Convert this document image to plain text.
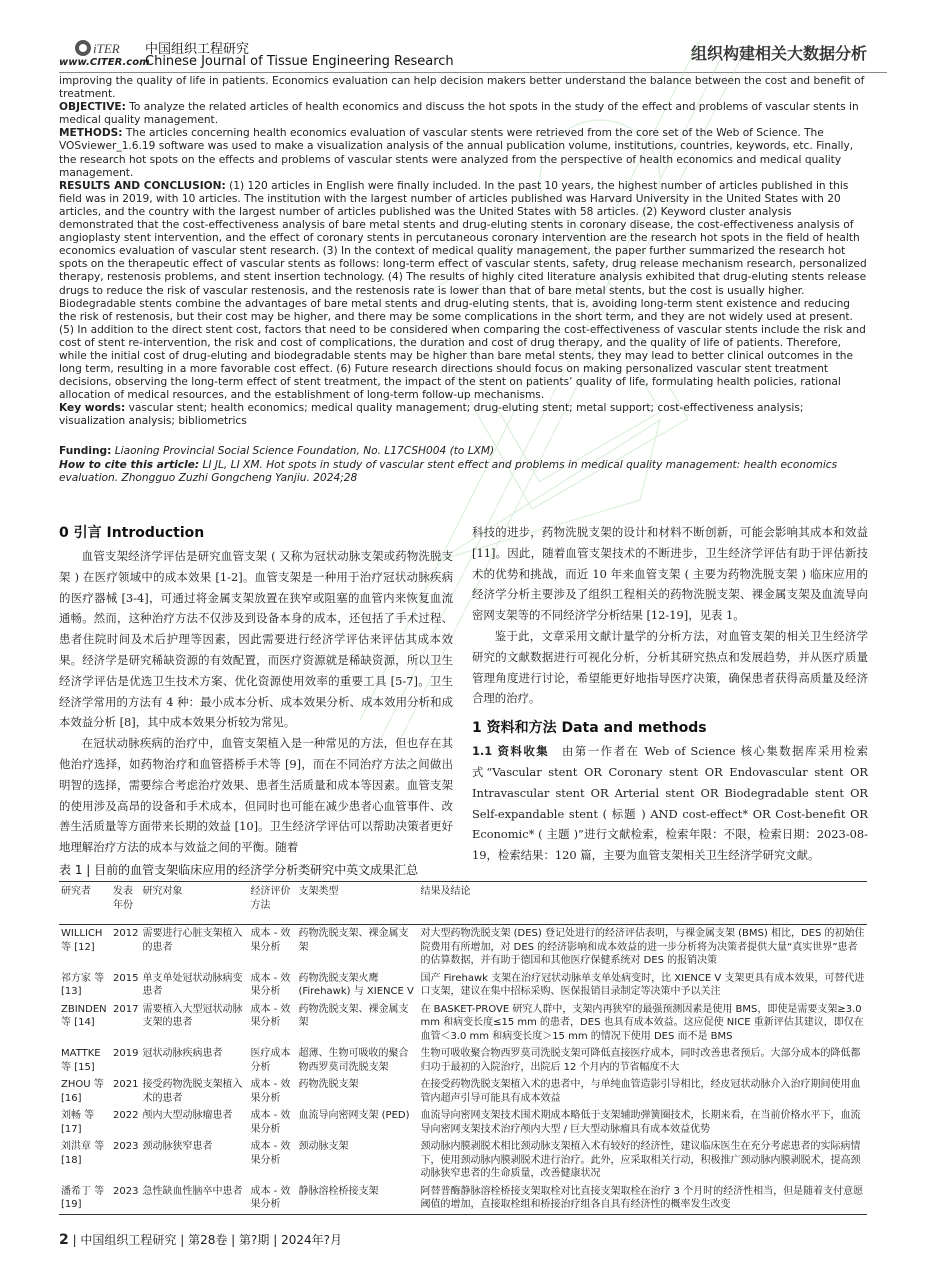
iTER
www.CITER.com
中国组织工程研究
Chinese Journal of Tissue Engineering Research	组织构建相关大数据分析

improving the quality of life in patients. Economics evaluation can help decision makers better understand the balance between the cost and benefit of treatment.

OBJECTIVE: To analyze the related articles of health economics and discuss the hot spots in the study of the effect and problems of vascular stents in medical quality management.

METHODS: The articles concerning health economics evaluation of vascular stents were retrieved from the core set of the Web of Science. The VOSviewer_1.6.19 software was used to make a visualization analysis of the annual publication volume, institutions, countries, keywords, etc. Finally, the research hot spots on the effects and problems of vascular stents were analyzed from the perspective of health economics and medical quality management.

RESULTS AND CONCLUSION: (1) 120 articles in English were finally included. In the past 10 years, the highest number of articles published in this field was in 2019, with 10 articles. The institution with the largest number of articles published was Harvard University in the United States with 20 articles, and the country with the largest number of articles published was the United States with 58 articles. (2) Keyword cluster analysis demonstrated that the cost-effectiveness analysis of bare metal stents and drug-eluting stents in coronary disease, the cost-effectiveness analysis of angioplasty stent intervention, and the effect of coronary stents in percutaneous coronary intervention are the research hot spots in the field of health economics evaluation of vascular stent research. (3) In the context of medical quality management, the paper further summarized the research hot spots on the therapeutic effect of vascular stents as follows: long-term effect of vascular stents, safety, drug release mechanism research, personalized therapy, restenosis problems, and stent insertion technology. (4) The results of highly cited literature analysis exhibited that drug-eluting stents release drugs to reduce the risk of vascular restenosis, and the restenosis rate is lower than that of bare metal stents, but the cost is usually higher. Biodegradable stents combine the advantages of bare metal stents and drug-eluting stents, that is, avoiding long-term stent existence and reducing the risk of restenosis, but their cost may be higher, and there may be some complications in the short term, and they are not widely used at present. (5) In addition to the direct stent cost, factors that need to be considered when comparing the cost-effectiveness of vascular stents include the risk and cost of stent re-intervention, the risk and cost of complications, the duration and cost of drug therapy, and the quality of life of patients. Therefore, while the initial cost of drug-eluting and biodegradable stents may be higher than bare metal stents, they may lead to better clinical outcomes in the long term, resulting in a more favorable cost effect. (6) Future research directions should focus on making personalized vascular stent treatment decisions, observing the long-term effect of stent treatment, the impact of the stent on patients’ quality of life, formulating health policies, rational allocation of medical resources, and the establishment of long-term follow-up mechanisms.

Key words: vascular stent; health economics; medical quality management; drug-eluting stent; metal support; cost-effectiveness analysis; visualization analysis; bibliometrics

Funding: Liaoning Provincial Social Science Foundation, No. L17CSH004 (to LXM)

How to cite this article: LI JL, LI XM. Hot spots in study of vascular stent effect and problems in medical quality management: health economics evaluation. Zhongguo Zuzhi Gongcheng Yanjiu. 2024;28

0 引言 Introduction

血管支架经济学评估是研究血管支架 ( 又称为冠状动脉支架或药物洗脱支架 ) 在医疗领域中的成本效果 [1-2]。血管支架是一种用于治疗冠状动脉疾病的医疗器械 [3-4]，可通过将金属支架放置在狭窄或阻塞的血管内来恢复血流通畅。然而，这种治疗方法不仅涉及到设备本身的成本，还包括了手术过程、患者住院时间及术后护理等因素，因此需要进行经济学评估来评估其成本效果。经济学是研究稀缺资源的有效配置，而医疗资源就是稀缺资源，所以卫生经济学评估是优选卫生技术方案、优化资源使用效率的重要工具 [5-7]。卫生经济学常用的方法有 4 种：最小成本分析、成本效果分析、成本效用分析和成本效益分析 [8]，其中成本效果分析较为常见。

在冠状动脉疾病的治疗中，血管支架植入是一种常见的方法，但也存在其他治疗选择，如药物治疗和血管搭桥手术等 [9]，而在不同治疗方法之间做出明智的选择，需要综合考虑治疗效果、患者生活质量和成本等因素。血管支架的使用涉及高昂的设备和手术成本，但同时也可能在减少患者心血管事件、改善生活质量等方面带来长期的效益 [10]。卫生经济学评估可以帮助决策者更好地理解治疗方法的成本与效益之间的平衡。随着

科技的进步，药物洗脱支架的设计和材料不断创新，可能会影响其成本和效益 [11]。因此，随着血管支架技术的不断进步，卫生经济学评估有助于评估新技术的优势和挑战，而近 10 年来血管支架 ( 主要为药物洗脱支架 ) 临床应用的经济学分析主要涉及了组织工程相关的药物洗脱支架、裸金属支架及血流导向密网支架等的不同经济学分析结果 [12-19]，见表 1。

鉴于此，文章采用文献计量学的分析方法，对血管支架的相关卫生经济学研究的文献数据进行可视化分析，分析其研究热点和发展趋势，并从医疗质量管理角度进行讨论，希望能更好地指导医疗决策，确保患者获得高质量及经济合理的治疗。

1 资料和方法 Data and methods

1.1 资料收集　 由第一作者在 Web of Science 核心集数据库采用检索式“Vascular stent OR Coronary stent OR Endovascular stent OR Intravascular stent OR Arterial stent OR Biodegradable stent OR Self-expandable stent ( 标题 ) AND cost-effect* OR Cost-benefit OR Economic* ( 主题 )”进行文献检索，检索年限：不限，检索日期：2023-08-19，检索结果：120 篇，主要为血管支架相关卫生经济学研究文献。

表 1 | 目前的血管支架临床应用的经济学分析类研究中英文成果汇总
研究者	发表年份	研究对象	经济评价方法	支架类型	结果及结论
WILLICH 等 [12]	2012	需要进行心脏支架植入的患者	成本 - 效果分析	药物洗脱支架、裸金属支架	对大型药物洗脱支架 (DES) 登记处进行的经济评估表明，与裸金属支架 (BMS) 相比，DES 的初始住院费用有所增加，对 DES 的经济影响和成本效益的进一步分析将为决策者提供大量“真实世界”患者的估算数据，并有助于德国和其他医疗保健系统对 DES 的报销决策
祁方家 等 [13]	2015	单支单处冠状动脉病变患者	成本 - 效果分析	药物洗脱支架火鹰 (Firehawk) 与 XIENCE V	国产 Firehawk 支架在治疗冠状动脉单支单处病变时，比 XIENCE V 支架更具有成本效果，可替代进口支架，建议在集中招标采购、医保报销目录制定等决策中予以关注
ZBINDEN 等 [14]	2017	需要植入大型冠状动脉支架的患者	成本 - 效果分析	药物洗脱支架、裸金属支架	在 BASKET-PROVE 研究人群中，支架内再狭窄的最强预测因素是使用 BMS，即使是需要支架≥3.0 mm 和病变长度≤15 mm 的患者，DES 也具有成本效益。这应促使 NICE 重新评估其建议，即仅在血管＜3.0 mm 和病变长度＞15 mm 的情况下使用 DES 而不是 BMS
MATTKE 等 [15]	2019	冠状动脉疾病患者	医疗成本分析	超薄、生物可吸收的聚合物西罗莫司洗脱支架	生物可吸收聚合物西罗莫司洗脱支架可降低直接医疗成本，同时改善患者预后。大部分成本的降低都归功于最初的入院治疗，出院后 12 个月内的节省幅度不大
ZHOU 等 [16]	2021	接受药物洗脱支架植入术的患者	成本 - 效果分析	药物洗脱支架	在接受药物洗脱支架植入术的患者中，与单纯血管造影引导相比，经皮冠状动脉介入治疗期间使用血管内超声引导可能具有成本效益
刘畅 等 [17]	2022	颅内大型动脉瘤患者	成本 - 效果分析	血流导向密网支架 (PED)	血流导向密网支架技术围术期成本略低于支架辅助弹簧圈技术，长期来看，在当前价格水平下，血流导向密网支架技术治疗颅内大型 / 巨大型动脉瘤具有成本效益优势
刘洪章 等 [18]	2023	颈动脉狭窄患者	成本 - 效果分析	颈动脉支架	颈动脉内膜剥脱术相比颈动脉支架植入术有较好的经济性，建议临床医生在充分考虑患者的实际病情下，使用颈动脉内膜剥脱术进行治疗。此外，应采取相关行动，积极推广颈动脉内膜剥脱术，提高颈动脉狭窄患者的生命质量，改善健康状况
潘希丁 等 [19]	2023	急性缺血性脑卒中患者	成本 - 效果分析	静脉溶栓桥接支架	阿替普酶静脉溶栓桥接支架取栓对比直接支架取栓在治疗 3 个月时的经济性相当，但是随着支付意愿阈值的增加，直接取栓组和桥接治疗组各自具有经济性的概率发生改变
2 | 中国组织工程研究 | 第28卷 | 第?期 | 2024年?月
